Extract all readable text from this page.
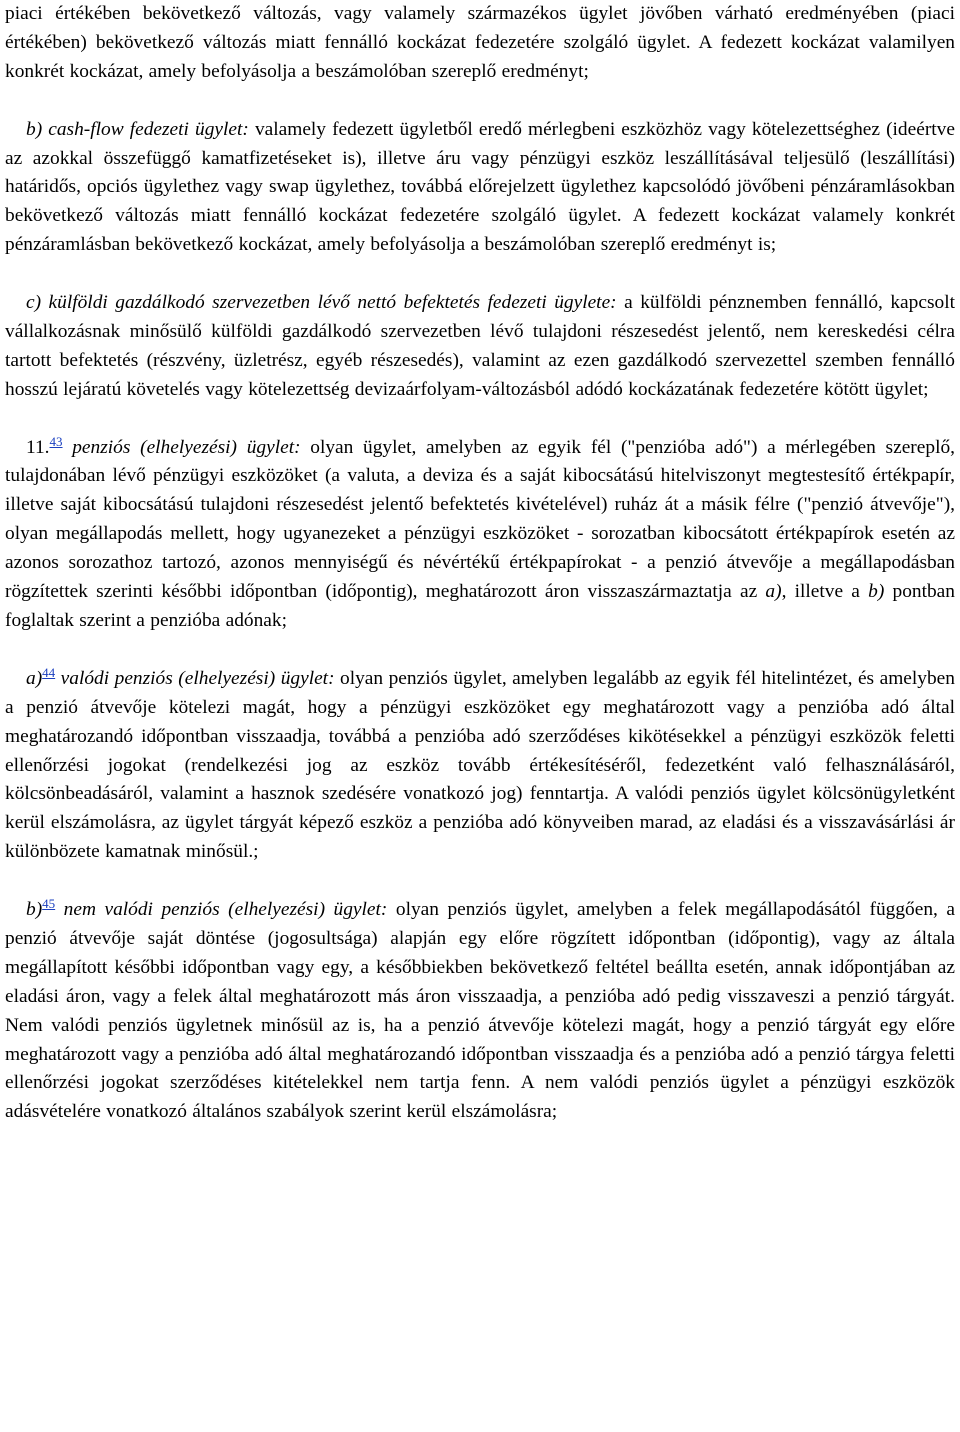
piaci értékében bekövetkező változás, vagy valamely származékos ügylet jövőben várható eredményében (piaci értékében) bekövetkező változás miatt fennálló kockázat fedezetére szolgáló ügylet. A fedezett kockázat valamilyen konkrét kockázat, amely befolyásolja a beszámolóban szereplő eredményt;

b) cash-flow fedezeti ügylet: valamely fedezett ügyletből eredő mérlegbeni eszközhöz vagy kötelezettséghez (ideértve az azokkal összefüggő kamatfizetéseket is), illetve áru vagy pénzügyi eszköz leszállításával teljesülő (leszállítási) határidős, opciós ügylethez vagy swap ügylethez, továbbá előrejelzett ügylethez kapcsolódó jövőbeni pénzáramlásokban bekövetkező változás miatt fennálló kockázat fedezetére szolgáló ügylet. A fedezett kockázat valamely konkrét pénzáramlásban bekövetkező kockázat, amely befolyásolja a beszámolóban szereplő eredményt is;

c) külföldi gazdálkodó szervezetben lévő nettó befektetés fedezeti ügylete: a külföldi pénznemben fennálló, kapcsolt vállalkozásnak minősülő külföldi gazdálkodó szervezetben lévő tulajdoni részesedést jelentő, nem kereskedési célra tartott befektetés (részvény, üzletrész, egyéb részesedés), valamint az ezen gazdálkodó szervezettel szemben fennálló hosszú lejáratú követelés vagy kötelezettség devizaárfolyam-változásból adódó kockázatának fedezetére kötött ügylet;

11.43 penziós (elhelyezési) ügylet: olyan ügylet, amelyben az egyik fél ("penzióba adó") a mérlegében szereplő, tulajdonában lévő pénzügyi eszközöket (a valuta, a deviza és a saját kibocsátású hitelviszonyt megtestesítő értékpapír, illetve saját kibocsátású tulajdoni részesedést jelentő befektetés kivételével) ruház át a másik félre ("penzió átvevője"), olyan megállapodás mellett, hogy ugyanezeket a pénzügyi eszközöket - sorozatban kibocsátott értékpapírok esetén az azonos sorozathoz tartozó, azonos mennyiségű és névértékű értékpapírokat - a penzió átvevője a megállapodásban rögzítettek szerinti későbbi időpontban (időpontig), meghatározott áron visszaszármaztatja az a), illetve a b) pontban foglaltak szerint a penzióba adónak;

a)$^{44}$ valódi penziós (elhelyezési) ügylet: olyan penziós ügylet, amelyben legalább az egyik fél hitelintézet, és amelyben a penzió átvevője kötelezi magát, hogy a pénzügyi eszközöket egy meghatározott vagy a penzióba adó által meghatározandó időpontban visszaadja, továbbá a penzióba adó szerződéses kikötésekkel a pénzügyi eszközök feletti ellenőrzési jogokat (rendelkezési jog az eszköz tovább értékesítéséről, fedezetként való felhasználásáról, kölcsönbeadásáról, valamint a hasznok szedésére vonatkozó jog) fenntartja. A valódi penziós ügylet kölcsönügyletként kerül elszámolásra, az ügylet tárgyát képező eszköz a penzióba adó könyveiben marad, az eladási és a visszavásárlási ár különbözete kamatnak minősül.;

b)$^{45}$ nem valódi penziós (elhelyezési) ügylet: olyan penziós ügylet, amelyben a felek megállapodásától függően, a penzió átvevője saját döntése (jogosultsága) alapján egy előre rögzített időpontban (időpontig), vagy az általa megállapított későbbi időpontban vagy egy, a későbbiekben bekövetkező feltétel beállta esetén, annak időpontjában az eladási áron, vagy a felek által meghatározott más áron visszaadja, a penzióba adó pedig visszaveszi a penzió tárgyát. Nem valódi penziós ügyletnek minősül az is, ha a penzió átvevője kötelezi magát, hogy a penzió tárgyát egy előre meghatározott vagy a penzióba adó által meghatározandó időpontban visszaadja és a penzióba adó a penzió tárgya feletti ellenőrzési jogokat szerződéses kitételekkel nem tartja fenn. A nem valódi penziós ügylet a pénzügyi eszközök adásvételére vonatkozó általános szabályok szerint kerül elszámolásra;
